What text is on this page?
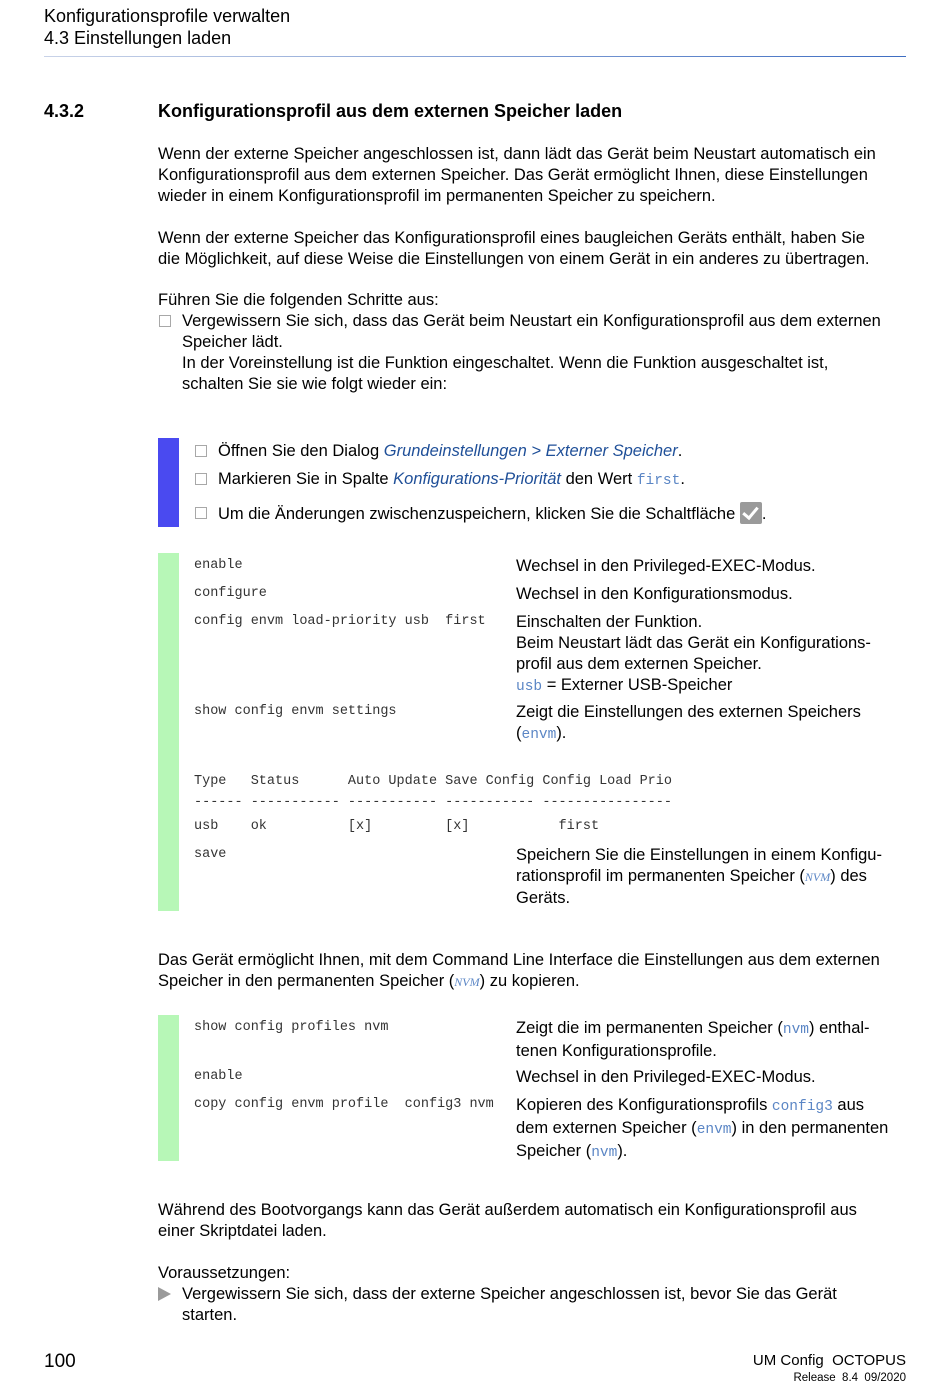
Konfigurationsprofile verwalten
4.3 Einstellungen laden
4.3.2	Konfigurationsprofil aus dem externen Speicher laden
Wenn der externe Speicher angeschlossen ist, dann lädt das Gerät beim Neustart automatisch ein
Konfigurationsprofil aus dem externen Speicher. Das Gerät ermöglicht Ihnen, diese Einstellungen
wieder in einem Konfigurationsprofil im permanenten Speicher zu speichern.
Wenn der externe Speicher das Konfigurationsprofil eines baugleichen Geräts enthält, haben Sie
die Möglichkeit, auf diese Weise die Einstellungen von einem Gerät in ein anderes zu übertragen.
Führen Sie die folgenden Schritte aus:
Vergewissern Sie sich, dass das Gerät beim Neustart ein Konfigurationsprofil aus dem externen
Speicher lädt.
In der Voreinstellung ist die Funktion eingeschaltet. Wenn die Funktion ausgeschaltet ist,
schalten Sie sie wie folgt wieder ein:
Öffnen Sie den Dialog Grundeinstellungen > Externer Speicher.
Markieren Sie in Spalte Konfigurations-Priorität den Wert first.
Um die Änderungen zwischenzuspeichern, klicken Sie die Schaltfläche .
enable	Wechsel in den Privileged-EXEC-Modus.
configure	Wechsel in den Konfigurationsmodus.
config envm load-priority usb  first Einschalten der Funktion.
Beim Neustart lädt das Gerät ein Konfigurations-
profil aus dem externen Speicher.
usb = Externer USB-Speicher
show config envm settings	Zeigt die Einstellungen des externen Speichers
(envm).
Type   Status      Auto Update Save Config Config Load Prio
------ ----------- ----------- ----------- ----------------
usb    ok          [x]         [x]           first
save	Speichern Sie die Einstellungen in einem Konfigu-
rationsprofil im permanenten Speicher (NVM) des
Geräts.
Das Gerät ermöglicht Ihnen, mit dem Command Line Interface die Einstellungen aus dem externen
Speicher in den permanenten Speicher (NVM) zu kopieren.
show config profiles nvm	Zeigt die im permanenten Speicher (nvm) enthal-
tenen Konfigurationsprofile.
enable	Wechsel in den Privileged-EXEC-Modus.
copy config envm profile  config3 nvm Kopieren des Konfigurationsprofils config3 aus
dem externen Speicher (envm) in den permanenten
Speicher (nvm).
Während des Bootvorgangs kann das Gerät außerdem automatisch ein Konfigurationsprofil aus
einer Skriptdatei laden.
Voraussetzungen:
Vergewissern Sie sich, dass der externe Speicher angeschlossen ist, bevor Sie das Gerät
starten.
100	UM Config  OCTOPUS
Release  8.4  09/2020
